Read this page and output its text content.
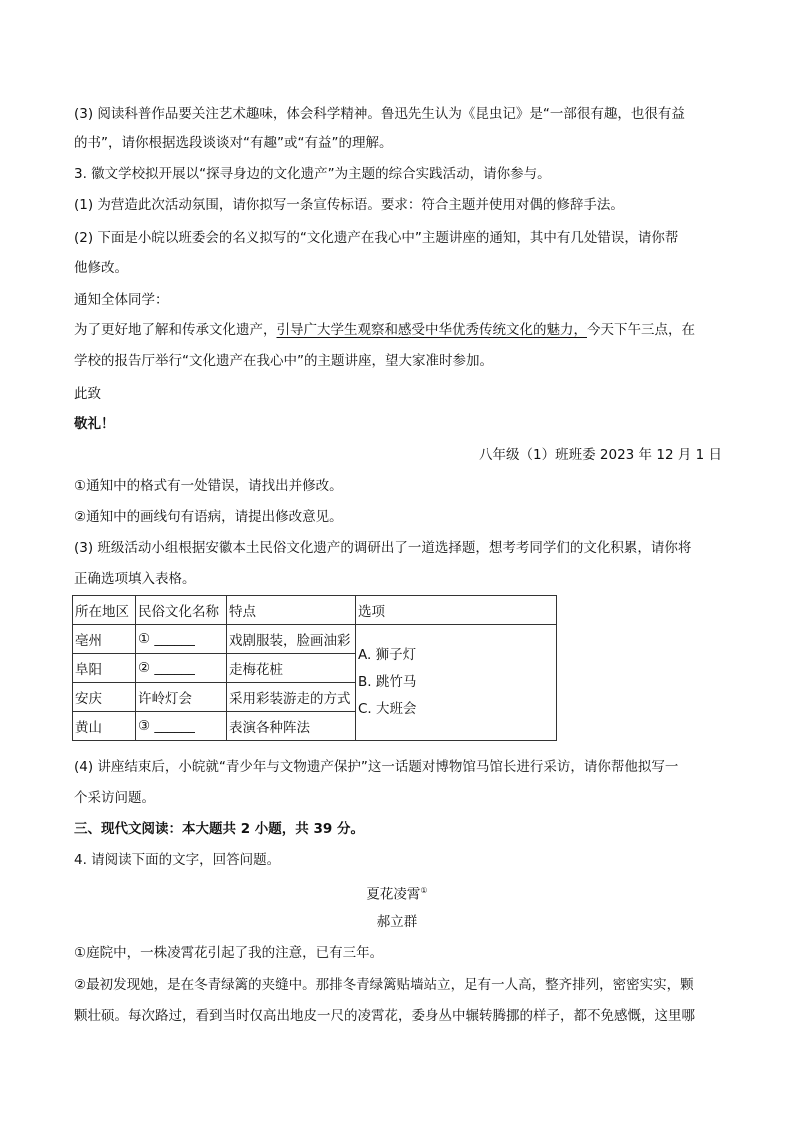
(3) 阅读科普作品要关注艺术趣味，体会科学精神。鲁迅先生认为《昆虫记》是“一部很有趣，也很有益
的书”，请你根据选段谈谈对“有趣”或“有益”的理解。
3. 徽文学校拟开展以“探寻身边的文化遗产”为主题的综合实践活动，请你参与。
(1) 为营造此次活动氛围，请你拟写一条宣传标语。要求：符合主题并使用对偶的修辞手法。
(2) 下面是小皖以班委会的名义拟写的“文化遗产在我心中”主题讲座的通知，其中有几处错误，请你帮
他修改。
通知全体同学：
为了更好地了解和传承文化遗产，引导广大学生观察和感受中华优秀传统文化的魅力，今天下午三点，在
学校的报告厅举行“文化遗产在我心中”的主题讲座，望大家准时参加。
此致
敬礼！
八年级（1）班班委 2023 年 12 月 1 日
①通知中的格式有一处错误，请找出并修改。
②通知中的画线句有语病，请提出修改意见。
(3) 班级活动小组根据安徽本土民俗文化遗产的调研出了一道选择题，想考考同学们的文化积累，请你将
正确选项填入表格。
所在地区	民俗文化名称	特点	选项
亳州	① ______	戏剧服装，脸画油彩	A. 狮子灯
B. 跳竹马
C. 大班会

阜阳	② ______	走梅花桩	
安庆	许岭灯会	采用彩装游走的方式	
黄山	③ ______	表演各种阵法	
(4) 讲座结束后，小皖就“青少年与文物遗产保护”这一话题对博物馆马馆长进行采访，请你帮他拟写一
个采访问题。
三、现代文阅读：本大题共 2 小题，共 39 分。
4. 请阅读下面的文字，回答问题。
夏花凌霄①
郝立群
①庭院中，一株凌霄花引起了我的注意，已有三年。
②最初发现她，是在冬青绿篱的夹缝中。那排冬青绿篱贴墙站立，足有一人高，整齐排列，密密实实，颗
颗壮硕。每次路过，看到当时仅高出地皮一尺的凌霄花，委身丛中辗转腾挪的样子，都不免感慨，这里哪
